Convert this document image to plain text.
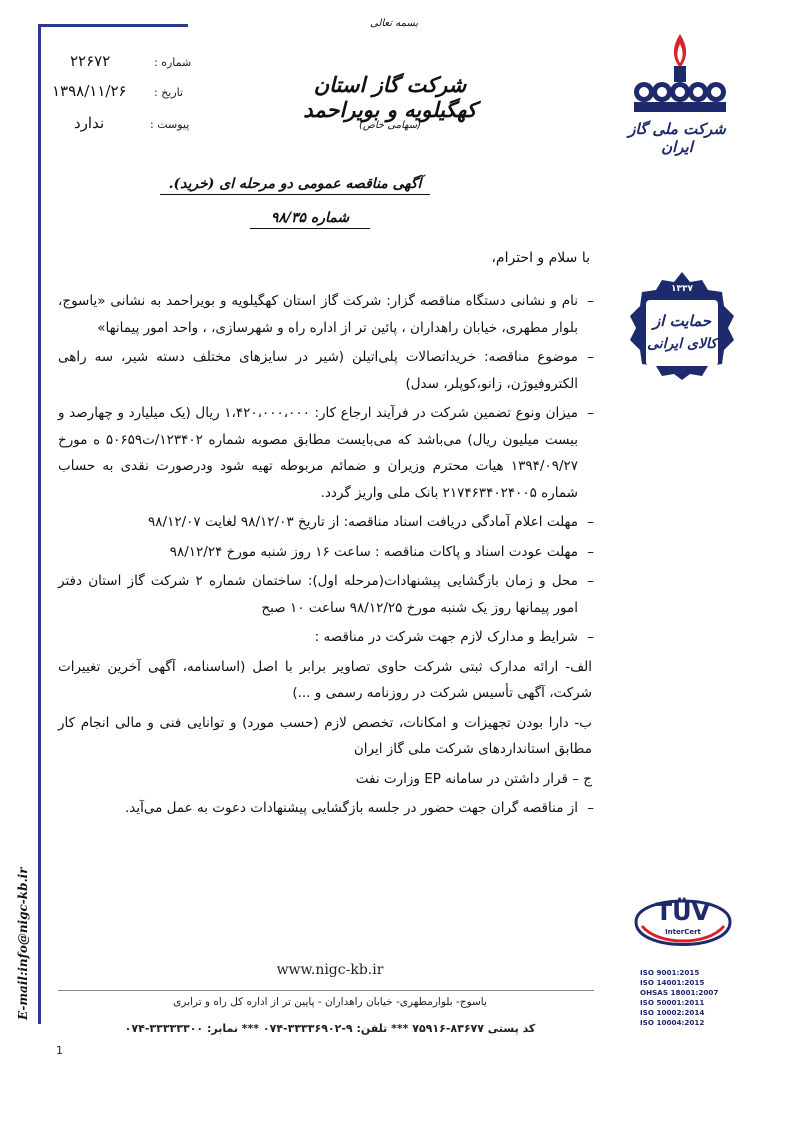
E-mail:info@nigc-kb.ir
۲۲۶۷۲	شماره :
۱۳۹۸/۱۱/۲۶ تاریخ :
ندارد	پیوست :
بسمه تعالی
شرکت گاز استان کهگیلویه و بویراحمد
(سهامی خاص)	شرکت ملی گاز ایران
آگهی مناقصه عمومی دو مرحله ای (خرید).
شماره ۹۸/۳۵
با سلام و احترام،

– نام و نشانی دستگاه مناقصه گزار: شرکت گاز استان کهگیلویه و بویراحمد به نشانی «یاسوج، بلوار مطهری، خیابان راهداران ، پائین تر از اداره راه و شهرسازی، ، واحد امور پیمانها»

– موضوع مناقصه: خریداتصالات پلی‌اتیلن (شیر در سایزهای مختلف دسته شیر، سه راهی الکتروفیوژن، زانو،کوپلر، سدل)

– میزان ونوع تضمین شرکت در فرآیند ارجاع کار: ۱،۴۲۰،۰۰۰،۰۰۰ ریال (یک میلیارد و چهارصد و بیست میلیون ریال) می‌باشد که می‌بایست مطابق مصوبه شماره ۱۲۳۴۰۲/ت۵۰۶۵۹ ه مورخ ۱۳۹۴/۰۹/۲۷ هیات محترم وزیران و ضمائم مربوطه تهیه شود ودرصورت نقدی به حساب شماره ۲۱۷۴۶۳۴۰۲۴۰۰۵ بانک ملی واریز گردد.

– مهلت اعلام آمادگی دریافت اسناد مناقصه: از تاریخ ۹۸/۱۲/۰۳ لغایت ۹۸/۱۲/۰۷

– مهلت عودت اسناد و پاکات مناقصه : ساعت ۱۶ روز شنبه مورخ ۹۸/۱۲/۲۴

– محل و زمان بازگشایی پیشنهادات(مرحله اول): ساختمان شماره ۲ شرکت گاز استان دفتر امور پیمانها روز یک شنبه مورخ ۹۸/۱۲/۲۵ ساعت ۱۰ صبح

– شرایط و مدارک لازم جهت شرکت در مناقصه :

الف- ارائه مدارک ثبتی شرکت حاوی تصاویر برابر با اصل (اساسنامه، آگهی آخرین تغییرات شرکت، آگهی تأسیس شرکت در روزنامه رسمی و ...)

ب- دارا بودن تجهیزات و امکانات، تخصص لازم (حسب مورد) و توانایی فنی و مالی انجام کار مطابق استانداردهای شرکت ملی گاز ایران

ج – قرار داشتن در سامانه EP وزارت نفت

– از مناقصه گران جهت حضور در جلسه بازگشایی پیشنهادات دعوت به عمل می‌آید.

۱۳۳۷
حمایت از
کالای ایرانی
TÜV
InterCert
ISO 9001:2015
ISO 14001:2015
OHSAS 18001:2007
ISO 50001:2011
ISO 10002:2014
ISO 10004:2012
www.nigc-kb.ir
یاسوج- بلوارمطهری- خیابان راهداران - پایین تر از اداره کل راه و ترابری
کد پستی ۸۳۶۷۷-۷۵۹۱۶ *** تلفن: ۹-۳۳۳۳۶۹۰۲-۰۷۴ *** نمابر: ۳۳۳۳۳۳۰۰-۰۷۴
1
